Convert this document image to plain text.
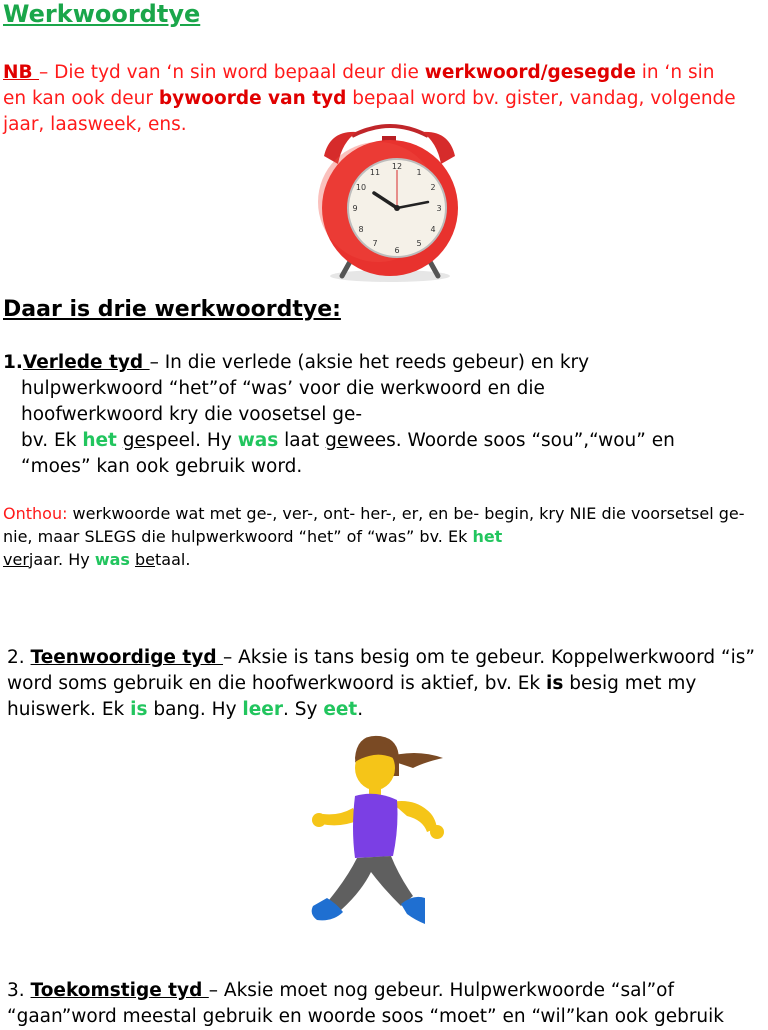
Werkwoordtye
NB – Die tyd van ‘n sin word bepaal deur die werkwoord/gesegde in ‘n sin en kan ook deur bywoorde van tyd bepaal word bv. gister, vandag, volgende jaar, laasweek, ens.
12
1
2
3
4
5
6
7
8
9
10
11
Daar is drie werkwoordtye:
1.Verlede tyd – In die verlede (aksie het reeds gebeur) en kry
hulpwerkwoord “het”of “was’ voor die werkwoord en die
hoofwerkwoord kry die voosetsel ge-
bv. Ek het gespeel. Hy was laat gewees. Woorde soos “sou”,“wou” en
“moes” kan ook gebruik word.
Onthou: werkwoorde wat met ge-, ver-, ont- her-, er, en be- begin, kry NIE die voorsetsel ge- nie, maar SLEGS die hulpwerkwoord “het” of “was” bv. Ek het
verjaar. Hy was betaal.
2. Teenwoordige tyd – Aksie is tans besig om te gebeur. Koppelwerkwoord “is” word soms gebruik en die hoofwerkwoord is aktief, bv. Ek is besig met my huiswerk. Ek is bang. Hy leer. Sy eet.
3. Toekomstige tyd – Aksie moet nog gebeur. Hulpwerkwoorde “sal”of “gaan”word meestal gebruik en woorde soos “moet” en “wil”kan ook gebruik
